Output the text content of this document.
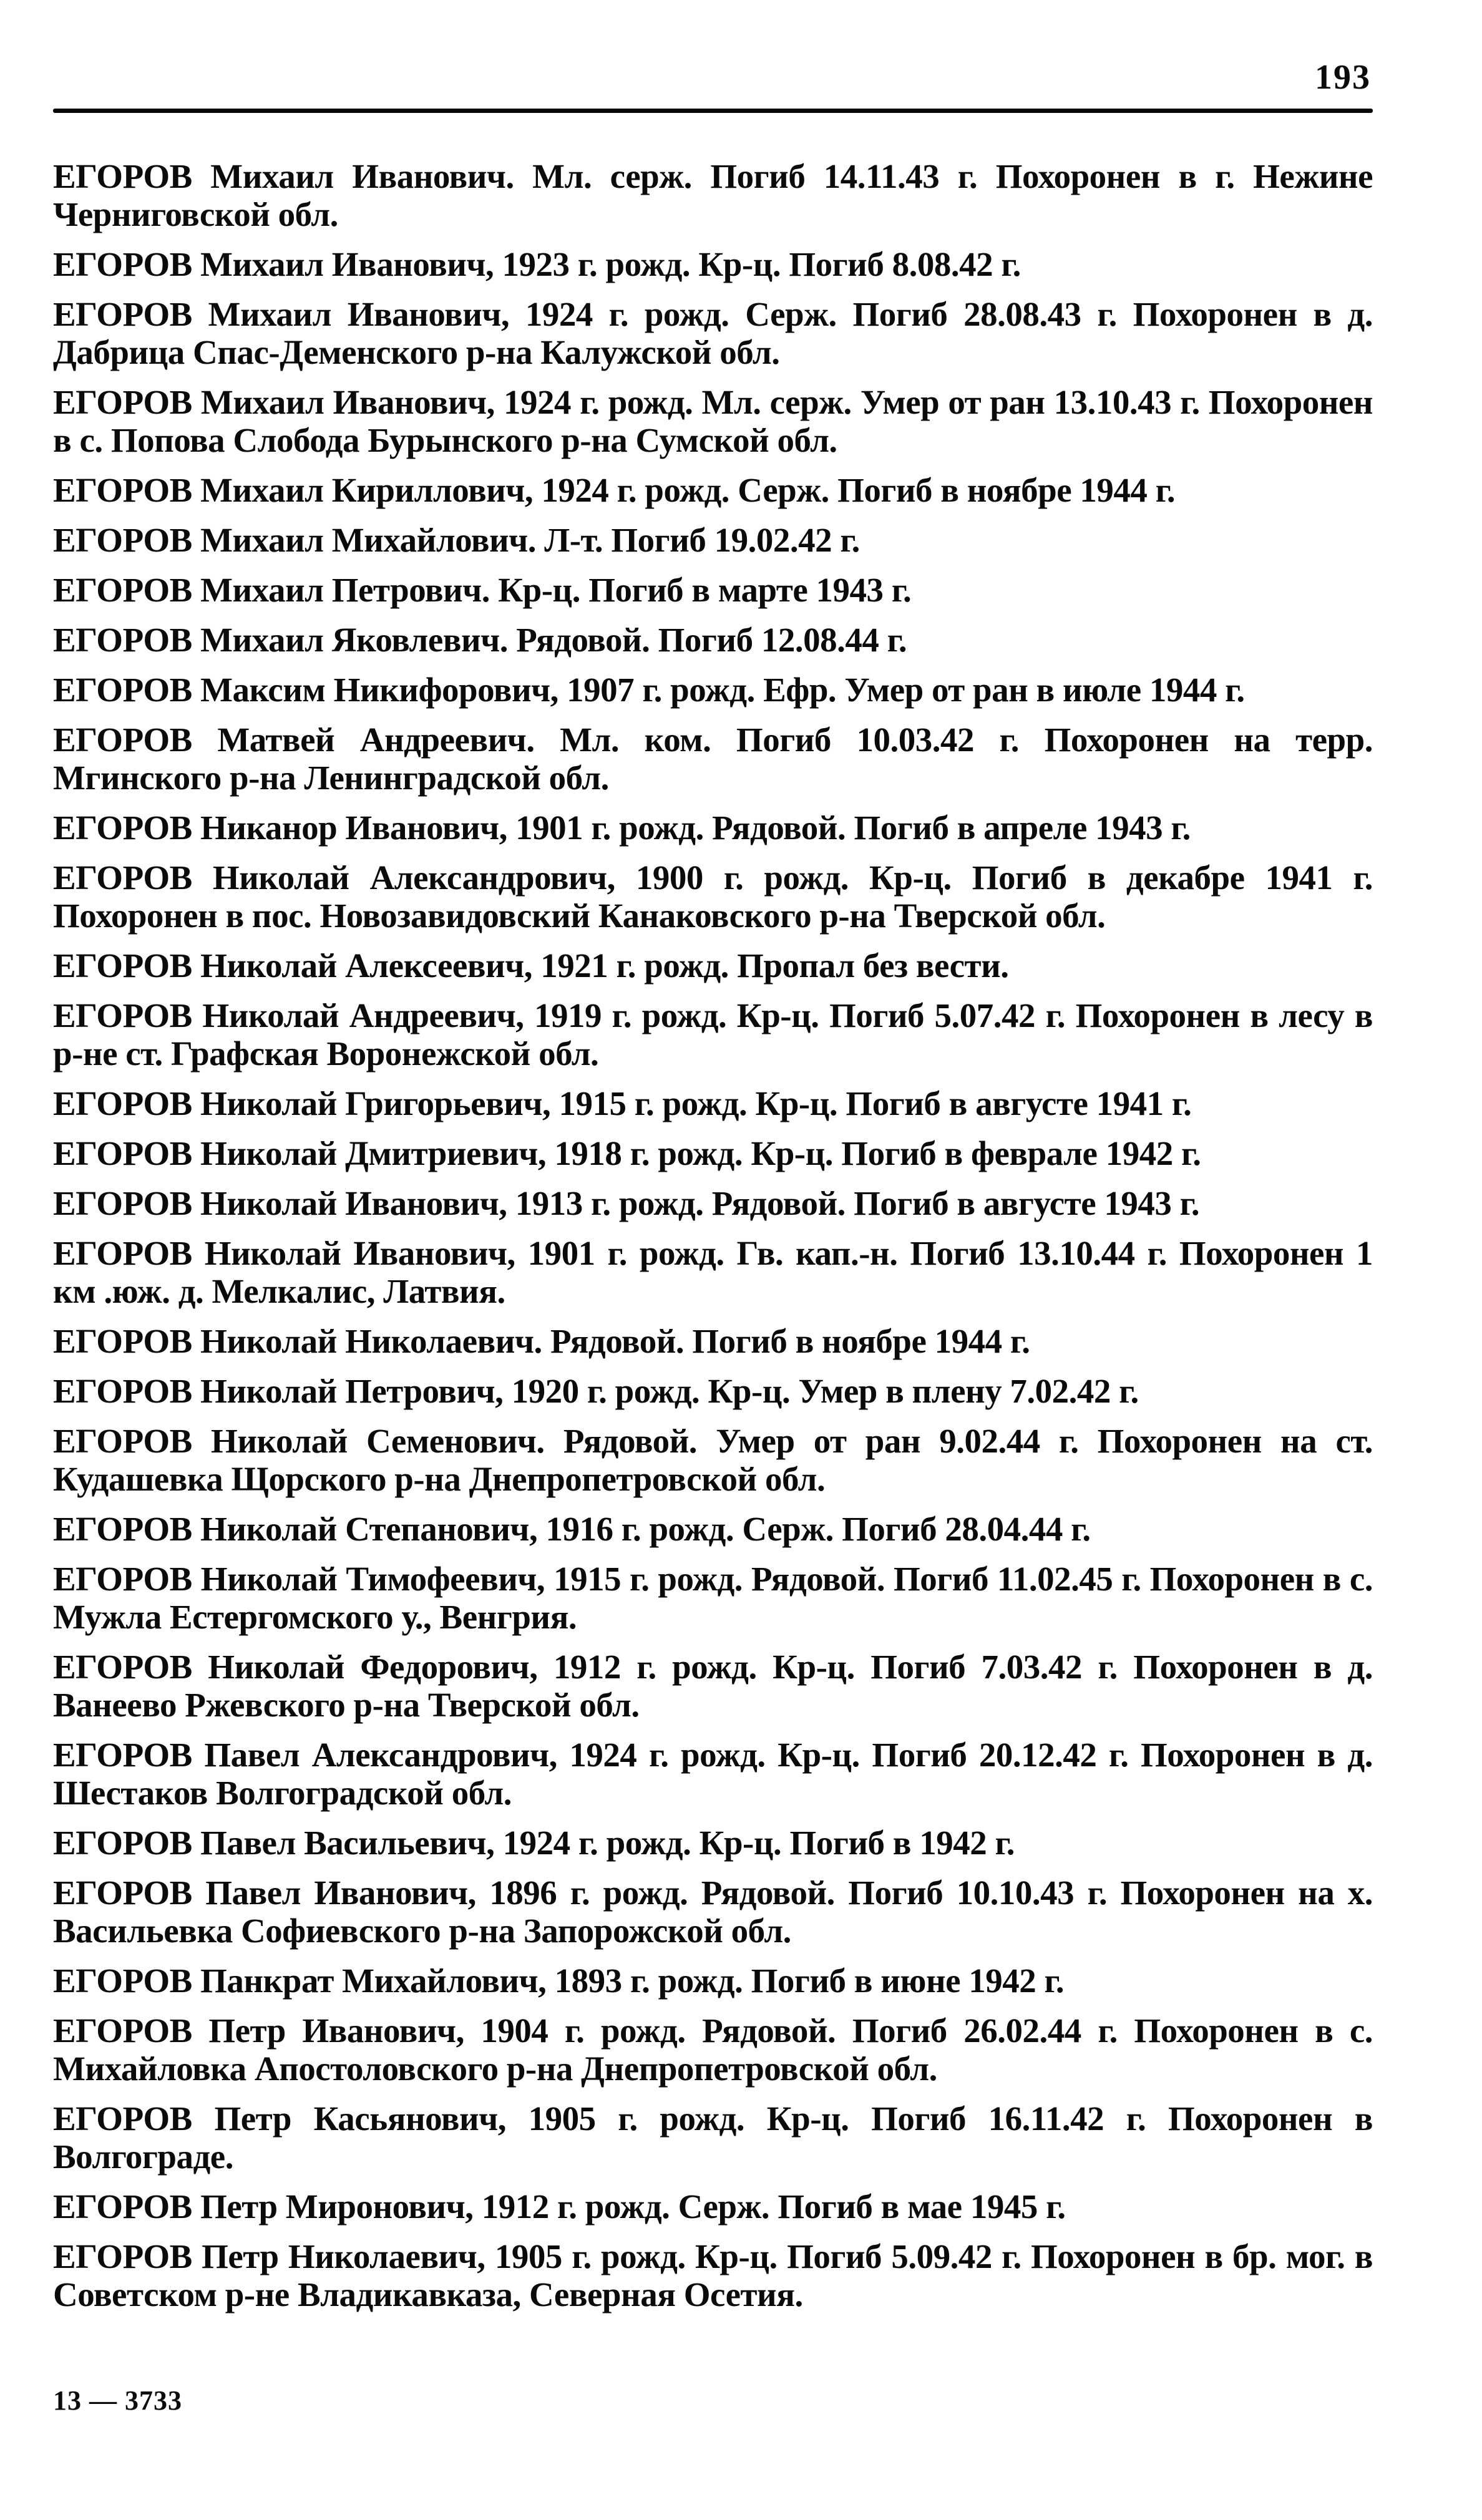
193

ЕГОРОВ Михаил Иванович. Мл. серж. Погиб 14.11.43 г. Похоронен в г. Нежине Черниговской обл.

ЕГОРОВ Михаил Иванович, 1923 г. рожд. Кр-ц. Погиб 8.08.42 г.

ЕГОРОВ Михаил Иванович, 1924 г. рожд. Серж. Погиб 28.08.43 г. Похоронен в д. Дабрица Спас-Деменского р-на Калужской обл.

ЕГОРОВ Михаил Иванович, 1924 г. рожд. Мл. серж. Умер от ран 13.10.43 г. Похоронен в с. Попова Слобода Бурынского р-на Сумской обл.

ЕГОРОВ Михаил Кириллович, 1924 г. рожд. Серж. Погиб в ноябре 1944 г.

ЕГОРОВ Михаил Михайлович. Л-т. Погиб 19.02.42 г.

ЕГОРОВ Михаил Петрович. Кр-ц. Погиб в марте 1943 г.

ЕГОРОВ Михаил Яковлевич. Рядовой. Погиб 12.08.44 г.

ЕГОРОВ Максим Никифорович, 1907 г. рожд. Ефр. Умер от ран в июле 1944 г.

ЕГОРОВ Матвей Андреевич. Мл. ком. Погиб 10.03.42 г. Похоронен на терр. Мгинского р-на Ленинградской обл.

ЕГОРОВ Никанор Иванович, 1901 г. рожд. Рядовой. Погиб в апреле 1943 г.

ЕГОРОВ Николай Александрович, 1900 г. рожд. Кр-ц. Погиб в декабре 1941 г. Похоронен в пос. Новозавидовский Канаковского р-на Тверской обл.

ЕГОРОВ Николай Алексеевич, 1921 г. рожд. Пропал без вести.

ЕГОРОВ Николай Андреевич, 1919 г. рожд. Кр-ц. Погиб 5.07.42 г. Похоронен в лесу в р-не ст. Графская Воронежской обл.

ЕГОРОВ Николай Григорьевич, 1915 г. рожд. Кр-ц. Погиб в августе 1941 г.

ЕГОРОВ Николай Дмитриевич, 1918 г. рожд. Кр-ц. Погиб в феврале 1942 г.

ЕГОРОВ Николай Иванович, 1913 г. рожд. Рядовой. Погиб в августе 1943 г.

ЕГОРОВ Николай Иванович, 1901 г. рожд. Гв. кап.-н. Погиб 13.10.44 г. Похоронен 1 км .юж. д. Мелкалис, Латвия.

ЕГОРОВ Николай Николаевич. Рядовой. Погиб в ноябре 1944 г.

ЕГОРОВ Николай Петрович, 1920 г. рожд. Кр-ц. Умер в плену 7.02.42 г.

ЕГОРОВ Николай Семенович. Рядовой. Умер от ран 9.02.44 г. Похоронен на ст. Кудашевка Щорского р-на Днепропетровской обл.

ЕГОРОВ Николай Степанович, 1916 г. рожд. Серж. Погиб 28.04.44 г.

ЕГОРОВ Николай Тимофеевич, 1915 г. рожд. Рядовой. Погиб 11.02.45 г. Похоронен в с. Мужла Естергомского у., Венгрия.

ЕГОРОВ Николай Федорович, 1912 г. рожд. Кр-ц. Погиб 7.03.42 г. Похоронен в д. Ванеево Ржевского р-на Тверской обл.

ЕГОРОВ Павел Александрович, 1924 г. рожд. Кр-ц. Погиб 20.12.42 г. Похоронен в д. Шестаков Волгоградской обл.

ЕГОРОВ Павел Васильевич, 1924 г. рожд. Кр-ц. Погиб в 1942 г.

ЕГОРОВ Павел Иванович, 1896 г. рожд. Рядовой. Погиб 10.10.43 г. Похоронен на х. Васильевка Софиевского р-на Запорожской обл.

ЕГОРОВ Панкрат Михайлович, 1893 г. рожд. Погиб в июне 1942 г.

ЕГОРОВ Петр Иванович, 1904 г. рожд. Рядовой. Погиб 26.02.44 г. Похоронен в с. Михайловка Апостоловского р-на Днепропетровской обл.

ЕГОРОВ Петр Касьянович, 1905 г. рожд. Кр-ц. Погиб 16.11.42 г. Похоронен в Волгограде.

ЕГОРОВ Петр Миронович, 1912 г. рожд. Серж. Погиб в мае 1945 г.

ЕГОРОВ Петр Николаевич, 1905 г. рожд. Кр-ц. Погиб 5.09.42 г. Похоронен в бр. мог. в Советском р-не Владикавказа, Северная Осетия.

13 — 3733
